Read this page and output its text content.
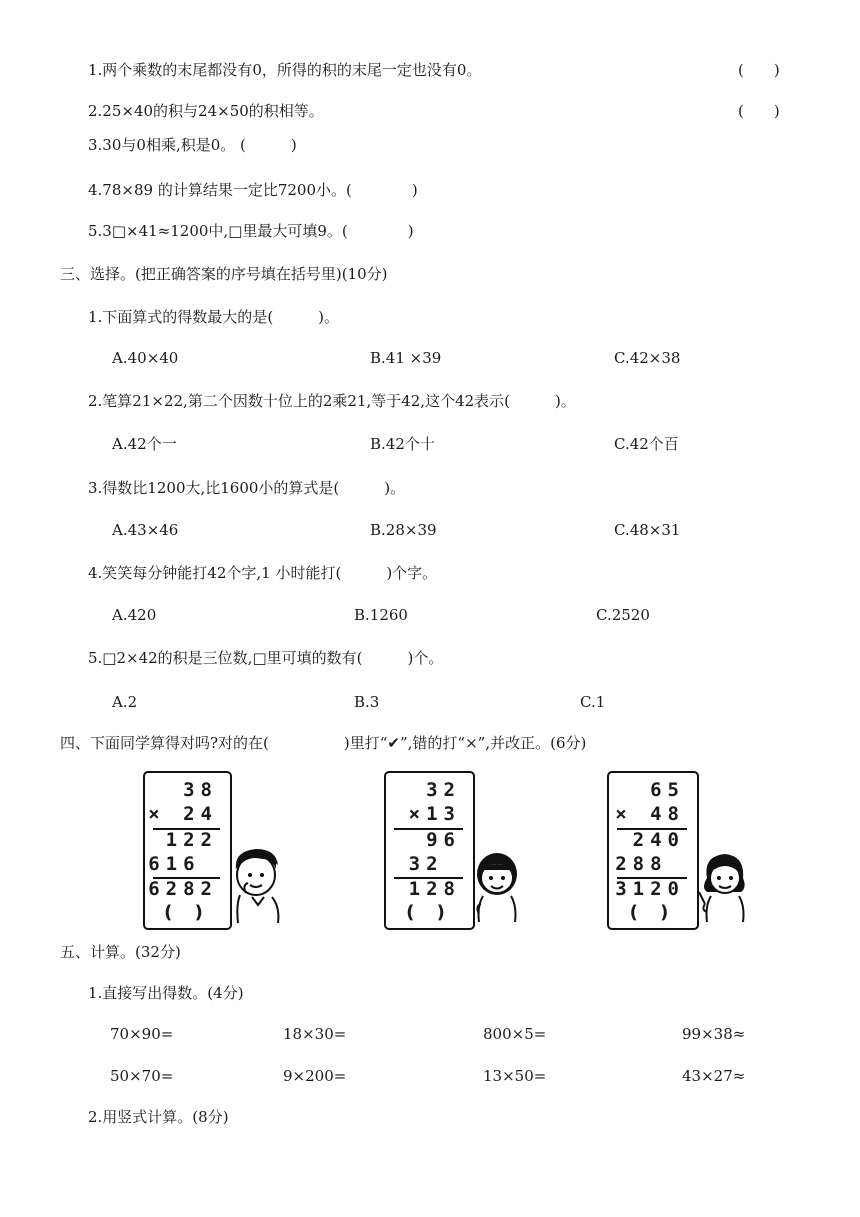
1.两个乘数的末尾都没有0，所得的积的末尾一定也没有0。	(　　)
2.25×40的积与24×50的积相等。	(　　)
3.30与0相乘,积是0。 (　　　)
4.78×89 的计算结果一定比7200小。(　　　　)
5.3□×41≈1200中,□里最大可填9。(　　　　)
三、选择。(把正确答案的序号填在括号里)(10分)
1.下面算式的得数最大的是(　　　)。
A.40×40	B.41 ×39	C.42×38
2.笔算21×22,第二个因数十位上的2乘21,等于42,这个42表示(　　　)。
A.42个一	B.42个十	C.42个百
3.得数比1200大,比1600小的算式是(　　　)。
A.43×46	B.28×39	C.48×31
4.笑笑每分钟能打42个字,1 小时能打(　　　)个字。
A.420	B.1260	C.2520
5.□2×42的积是三位数,□里可填的数有(　　　)个。
A.2	B.3	C.1
四、下面同学算得对吗?对的在(　　　　　)里打“✔”,错的打“×”,并改正。(6分)
38
× 24
122
616
6282
( )
32
×13
96
32
128
( )
65
× 48
240
288
3120
( )
五、计算。(32分)
1.直接写出得数。(4分)
70×90=	18×30=	800×5=	99×38≈
50×70=	9×200=	13×50=	43×27≈
2.用竖式计算。(8分)
